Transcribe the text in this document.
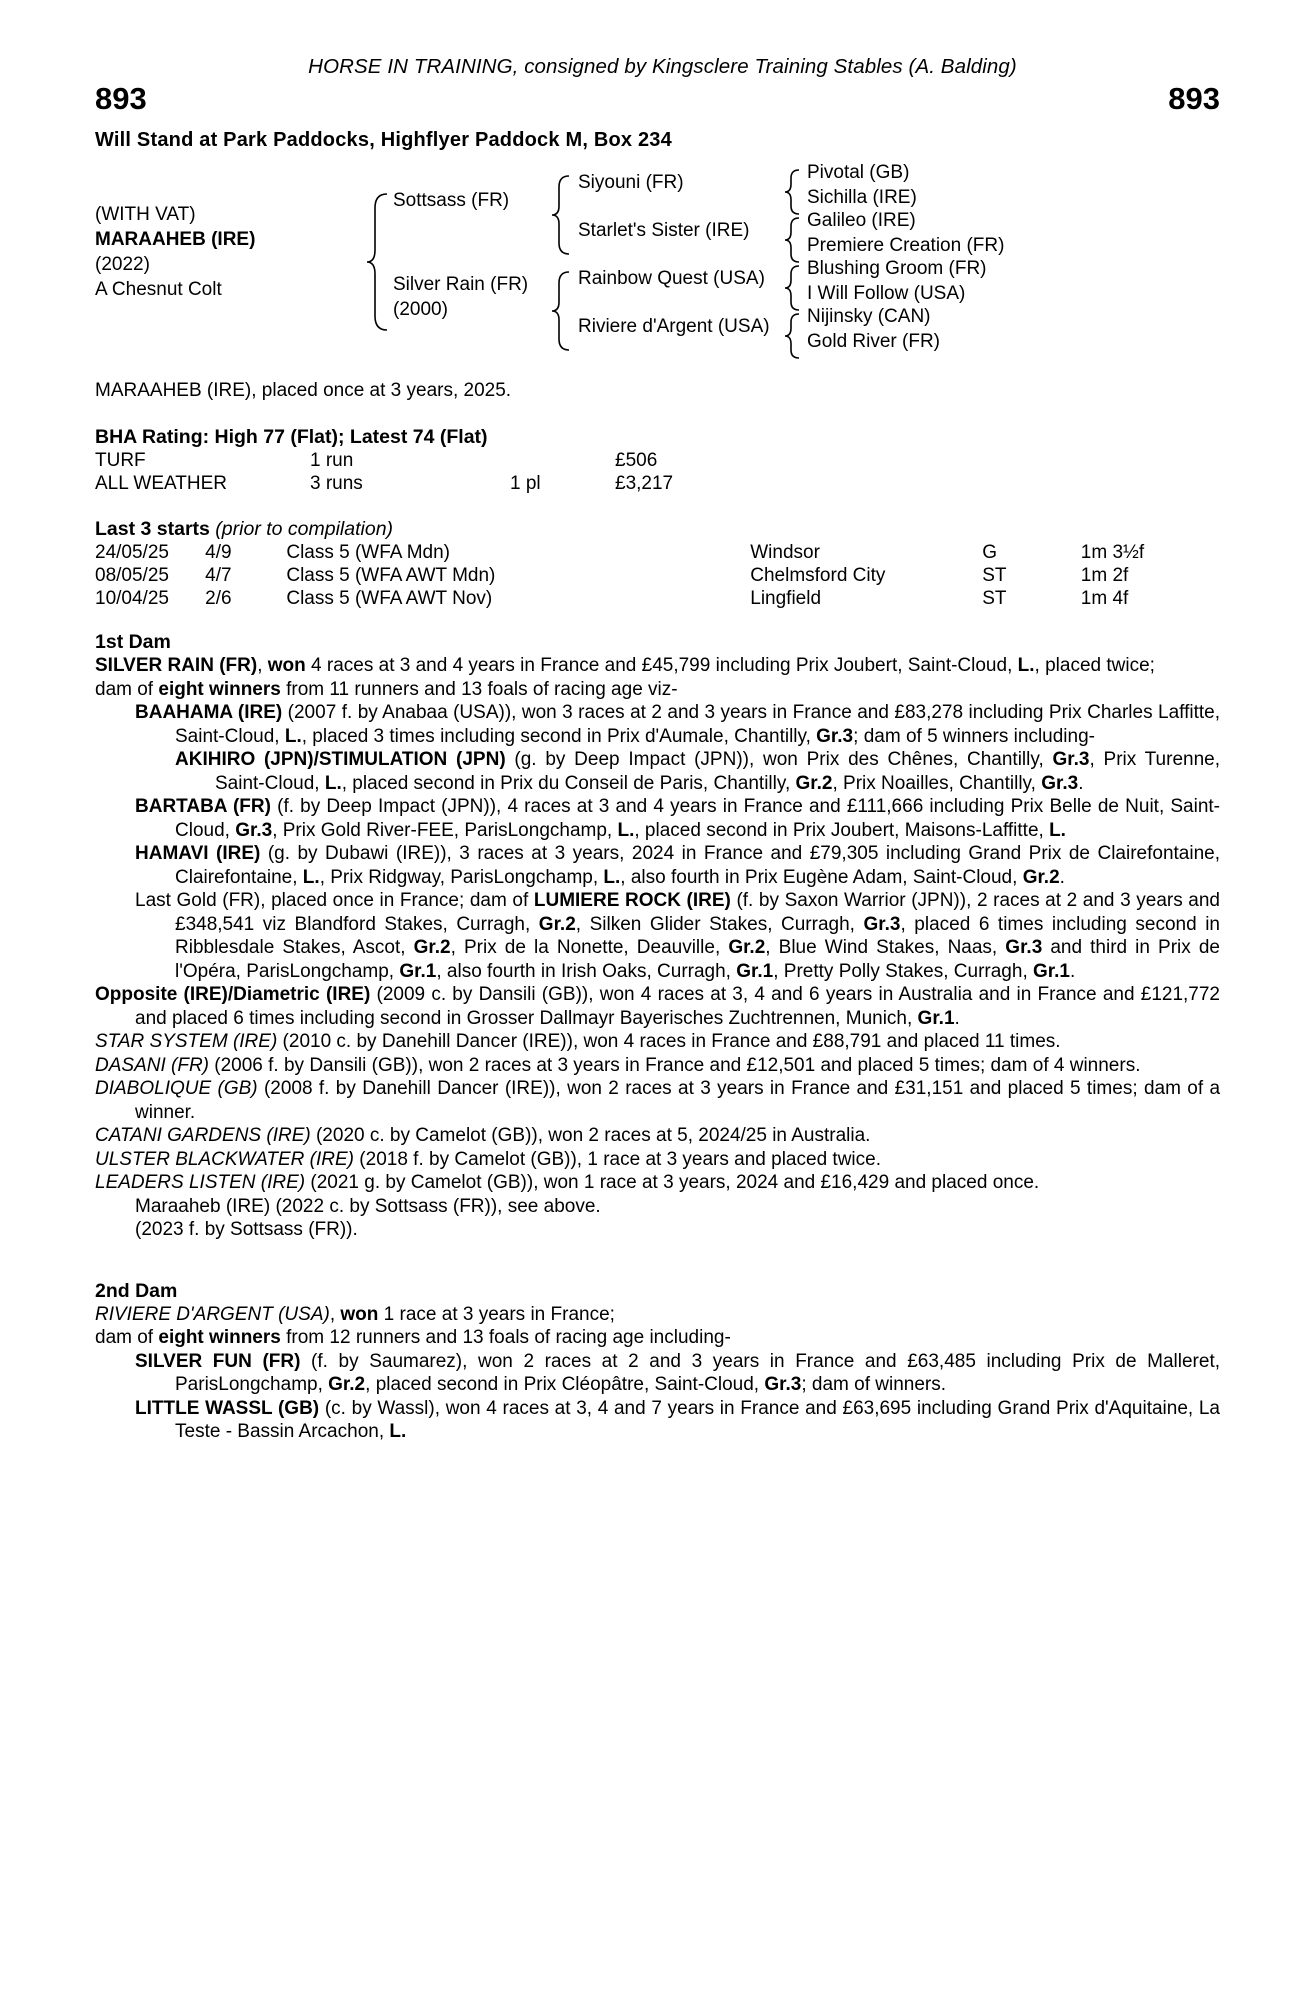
HORSE IN TRAINING, consigned by Kingsclere Training Stables (A. Balding)
893	893
Will Stand at Park Paddocks, Highflyer Paddock M, Box 234
(WITH VAT)
MARAAHEB (IRE)
(2022)
A Chesnut Colt
Sottsass (FR)
Silver Rain (FR)
(2000)
Siyouni (FR)
Starlet's Sister (IRE)
Rainbow Quest (USA)
Riviere d'Argent (USA)
Pivotal (GB)
Sichilla (IRE)
Galileo (IRE)
Premiere Creation (FR)
Blushing Groom (FR)
I Will Follow (USA)
Nijinsky (CAN)
Gold River (FR)
MARAAHEB (IRE), placed once at 3 years, 2025.
BHA Rating: High 77 (Flat); Latest 74 (Flat)
TURF	1 run		£506
ALL WEATHER	3 runs	1 pl	£3,217
Last 3 starts (prior to compilation)
24/05/25	4/9	Class 5 (WFA Mdn)	Windsor	G	1m 3½f
08/05/25	4/7	Class 5 (WFA AWT Mdn)	Chelmsford City	ST	1m 2f
10/04/25	2/6	Class 5 (WFA AWT Nov)	Lingfield	ST	1m 4f
1st Dam
SILVER RAIN (FR), won 4 races at 3 and 4 years in France and £45,799 including Prix Joubert, Saint-Cloud, L., placed twice;
dam of eight winners from 11 runners and 13 foals of racing age viz-
BAAHAMA (IRE) (2007 f. by Anabaa (USA)), won 3 races at 2 and 3 years in France and £83,278 including Prix Charles Laffitte, Saint-Cloud, L., placed 3 times including second in Prix d'Aumale, Chantilly, Gr.3; dam of 5 winners including-
AKIHIRO (JPN)/STIMULATION (JPN) (g. by Deep Impact (JPN)), won Prix des Chênes, Chantilly, Gr.3, Prix Turenne, Saint-Cloud, L., placed second in Prix du Conseil de Paris, Chantilly, Gr.2, Prix Noailles, Chantilly, Gr.3.
BARTABA (FR) (f. by Deep Impact (JPN)), 4 races at 3 and 4 years in France and £111,666 including Prix Belle de Nuit, Saint-Cloud, Gr.3, Prix Gold River-FEE, ParisLongchamp, L., placed second in Prix Joubert, Maisons-Laffitte, L.
HAMAVI (IRE) (g. by Dubawi (IRE)), 3 races at 3 years, 2024 in France and £79,305 including Grand Prix de Clairefontaine, Clairefontaine, L., Prix Ridgway, ParisLongchamp, L., also fourth in Prix Eugène Adam, Saint-Cloud, Gr.2.
Last Gold (FR), placed once in France; dam of LUMIERE ROCK (IRE) (f. by Saxon Warrior (JPN)), 2 races at 2 and 3 years and £348,541 viz Blandford Stakes, Curragh, Gr.2, Silken Glider Stakes, Curragh, Gr.3, placed 6 times including second in Ribblesdale Stakes, Ascot, Gr.2, Prix de la Nonette, Deauville, Gr.2, Blue Wind Stakes, Naas, Gr.3 and third in Prix de l'Opéra, ParisLongchamp, Gr.1, also fourth in Irish Oaks, Curragh, Gr.1, Pretty Polly Stakes, Curragh, Gr.1.
Opposite (IRE)/Diametric (IRE) (2009 c. by Dansili (GB)), won 4 races at 3, 4 and 6 years in Australia and in France and £121,772 and placed 6 times including second in Grosser Dallmayr Bayerisches Zuchtrennen, Munich, Gr.1.
STAR SYSTEM (IRE) (2010 c. by Danehill Dancer (IRE)), won 4 races in France and £88,791 and placed 11 times.
DASANI (FR) (2006 f. by Dansili (GB)), won 2 races at 3 years in France and £12,501 and placed 5 times; dam of 4 winners.
DIABOLIQUE (GB) (2008 f. by Danehill Dancer (IRE)), won 2 races at 3 years in France and £31,151 and placed 5 times; dam of a winner.
CATANI GARDENS (IRE) (2020 c. by Camelot (GB)), won 2 races at 5, 2024/25 in Australia.
ULSTER BLACKWATER (IRE) (2018 f. by Camelot (GB)), 1 race at 3 years and placed twice.
LEADERS LISTEN (IRE) (2021 g. by Camelot (GB)), won 1 race at 3 years, 2024 and £16,429 and placed once.
Maraaheb (IRE) (2022 c. by Sottsass (FR)), see above.
(2023 f. by Sottsass (FR)).
2nd Dam
RIVIERE D'ARGENT (USA), won 1 race at 3 years in France;
dam of eight winners from 12 runners and 13 foals of racing age including-
SILVER FUN (FR) (f. by Saumarez), won 2 races at 2 and 3 years in France and £63,485 including Prix de Malleret, ParisLongchamp, Gr.2, placed second in Prix Cléopâtre, Saint-Cloud, Gr.3; dam of winners.
LITTLE WASSL (GB) (c. by Wassl), won 4 races at 3, 4 and 7 years in France and £63,695 including Grand Prix d'Aquitaine, La Teste - Bassin Arcachon, L.
